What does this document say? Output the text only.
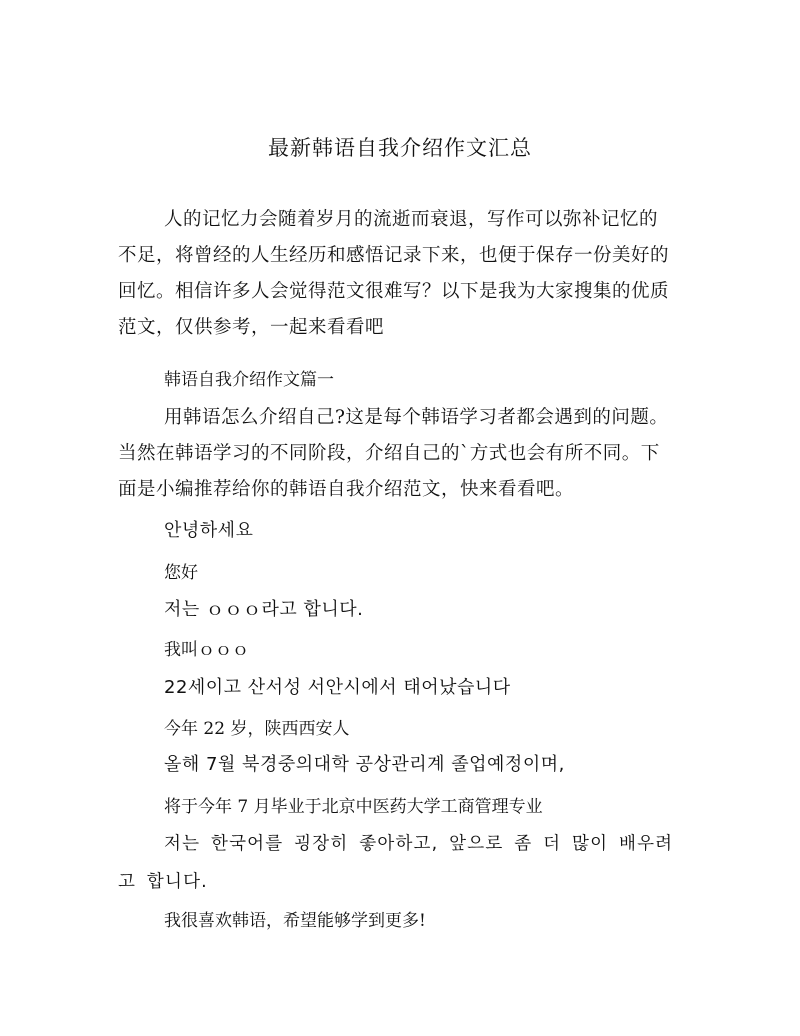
最新韩语自我介绍作文汇总
人的记忆力会随着岁月的流逝而衰退，写作可以弥补记忆的不足，将曾经的人生经历和感悟记录下来，也便于保存一份美好的回忆。相信许多人会觉得范文很难写？以下是我为大家搜集的优质范文，仅供参考，一起来看看吧
韩语自我介绍作文篇一
用韩语怎么介绍自己?这是每个韩语学习者都会遇到的问题。当然在韩语学习的不同阶段，介绍自己的`方式也会有所不同。下面是小编推荐给你的韩语自我介绍范文，快来看看吧。
안녕하세요
您好
저는 ｏｏｏ라고 합니다.
我叫ｏｏｏ
22세이고 산서성 서안시에서 태어났습니다
今年 22 岁，陕西西安人
올해 7월 북경중의대학 공상관리계 졸업예정이며,
将于今年 7 月毕业于北京中医药大学工商管理专业
저는 한국어를 굉장히 좋아하고, 앞으로 좀 더 많이 배우려고 합니다.
我很喜欢韩语，希望能够学到更多!
